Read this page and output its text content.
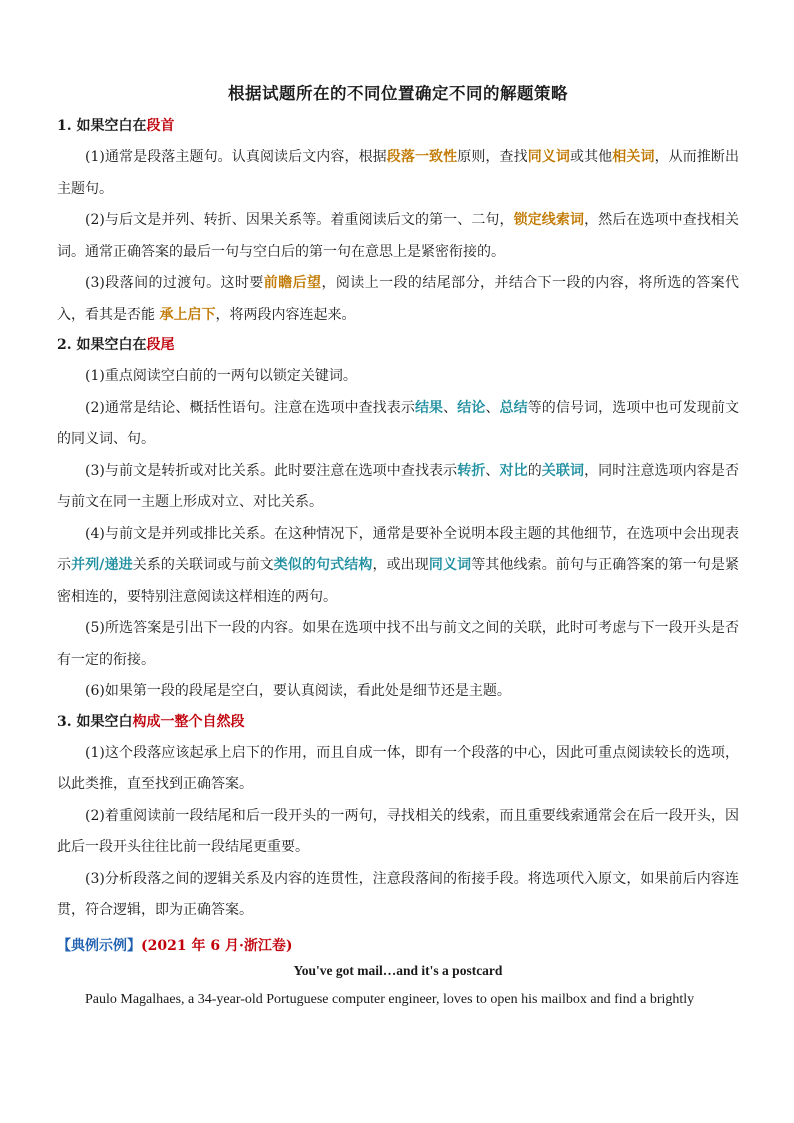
根据试题所在的不同位置确定不同的解题策略
1. 如果空白在段首

(1)通常是段落主题句。认真阅读后文内容，根据段落一致性原则，查找同义词或其他相关词，从而推断出主题句。

(2)与后文是并列、转折、因果关系等。着重阅读后文的第一、二句，锁定线索词，然后在选项中查找相关词。通常正确答案的最后一句与空白后的第一句在意思上是紧密衔接的。

(3)段落间的过渡句。这时要前瞻后望，阅读上一段的结尾部分，并结合下一段的内容，将所选的答案代入，看其是否能 承上启下，将两段内容连起来。

2. 如果空白在段尾

(1)重点阅读空白前的一两句以锁定关键词。

(2)通常是结论、概括性语句。注意在选项中查找表示结果、结论、总结等的信号词，选项中也可发现前文的同义词、句。

(3)与前文是转折或对比关系。此时要注意在选项中查找表示转折、对比的关联词，同时注意选项内容是否与前文在同一主题上形成对立、对比关系。

(4)与前文是并列或排比关系。在这种情况下，通常是要补全说明本段主题的其他细节，在选项中会出现表示并列/递进关系的关联词或与前文类似的句式结构，或出现同义词等其他线索。前句与正确答案的第一句是紧密相连的，要特别注意阅读这样相连的两句。

(5)所选答案是引出下一段的内容。如果在选项中找不出与前文之间的关联，此时可考虑与下一段开头是否有一定的衔接。

(6)如果第一段的段尾是空白，要认真阅读，看此处是细节还是主题。

3. 如果空白构成一整个自然段

(1)这个段落应该起承上启下的作用，而且自成一体，即有一个段落的中心，因此可重点阅读较长的选项，以此类推，直至找到正确答案。

(2)着重阅读前一段结尾和后一段开头的一两句，寻找相关的线索，而且重要线索通常会在后一段开头，因此后一段开头往往比前一段结尾更重要。

(3)分析段落之间的逻辑关系及内容的连贯性，注意段落间的衔接手段。将选项代入原文，如果前后内容连贯，符合逻辑，即为正确答案。

【典例示例】(2021 年 6 月·浙江卷)
You've got mail…and it's a postcard

Paulo Magalhaes, a 34-year-old Portuguese computer engineer, loves to open his mailbox and find a brightly
